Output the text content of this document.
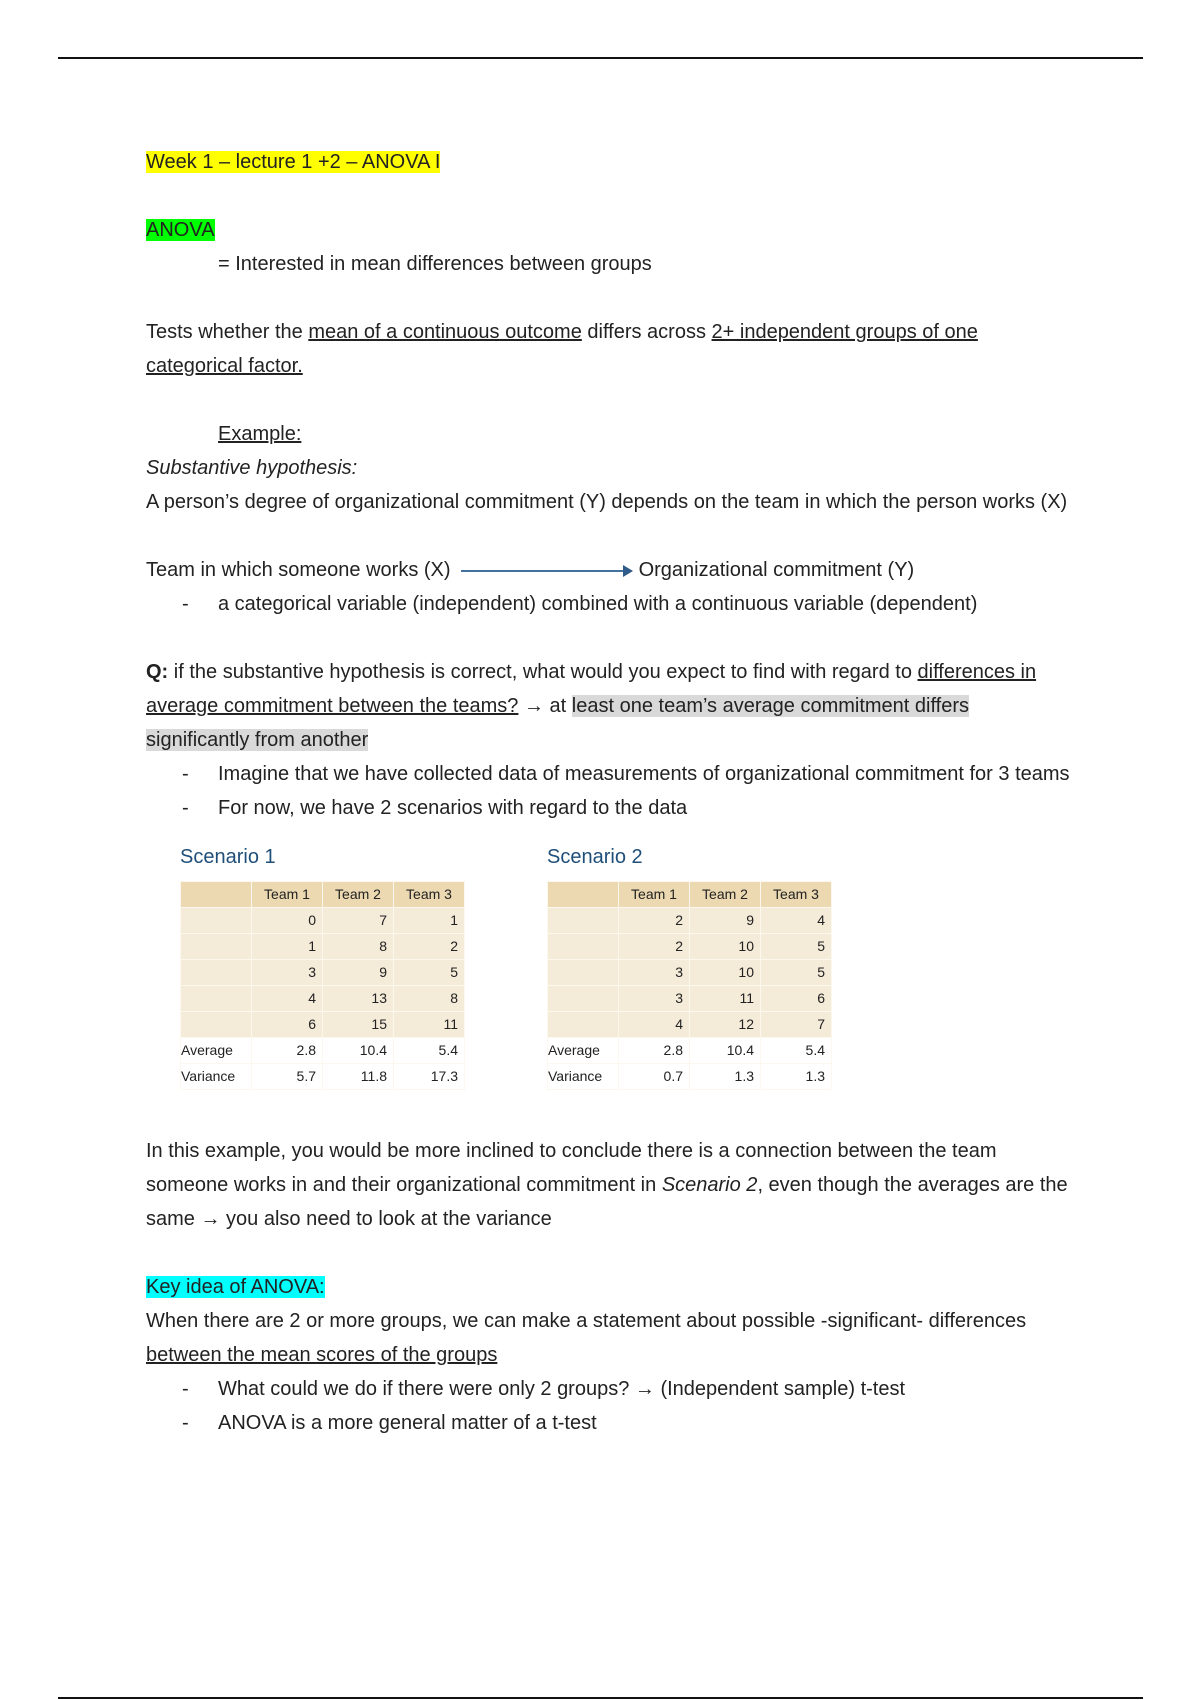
Week 1 – lecture 1 +2 – ANOVA I

ANOVA

= Interested in mean differences between groups

Tests whether the mean of a continuous outcome differs across 2+ independent groups of one categorical factor.

Example:

Substantive hypothesis:

A person’s degree of organizational commitment (Y) depends on the team in which the person works (X)

Team in which someone works (X)	Organizational commitment (Y)

- a categorical variable (independent) combined with a continuous variable (dependent)

Q: if the substantive hypothesis is correct, what would you expect to find with regard to differences in average commitment between the teams? → at least one team’s average commitment differs significantly from another

- Imagine that we have collected data of measurements of organizational commitment for 3 teams
- For now, we have 2 scenarios with regard to the data
Scenario 1
	Team 1	Team 2	Team 3
	0	7	1
	1	8	2
	3	9	5
	4	13	8
	6	15	11
Average	2.8	10.4	5.4
Variance	5.7	11.8	17.3
Scenario 2
	Team 1	Team 2	Team 3
	2	9	4
	2	10	5
	3	10	5
	3	11	6
	4	12	7
Average	2.8	10.4	5.4
Variance	0.7	1.3	1.3

In this example, you would be more inclined to conclude there is a connection between the team someone works in and their organizational commitment in Scenario 2, even though the averages are the same → you also need to look at the variance

Key idea of ANOVA:

When there are 2 or more groups, we can make a statement about possible -significant- differences between the mean scores of the groups

- What could we do if there were only 2 groups? → (Independent sample) t-test
- ANOVA is a more general matter of a t-test
